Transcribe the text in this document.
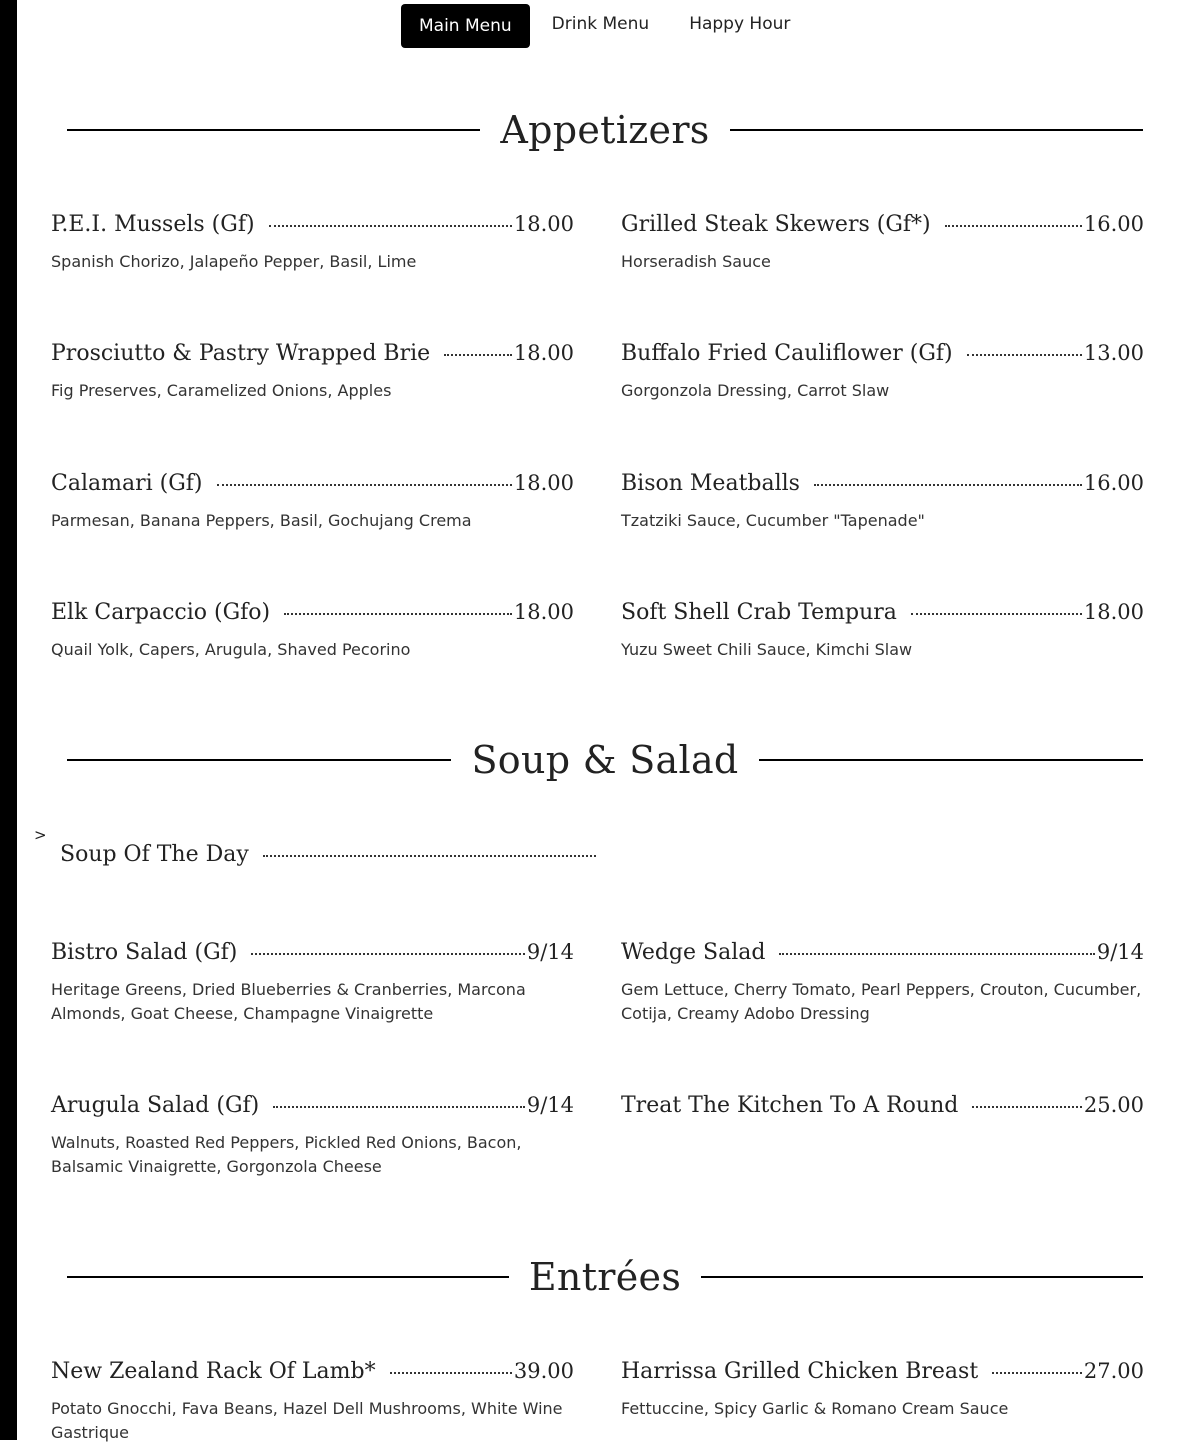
Main Menu	Drink Menu	Happy Hour
Appetizers
P.E.I. Mussels (Gf)	18.00
Spanish Chorizo, Jalapeño Pepper, Basil, Lime
Grilled Steak Skewers (Gf*)	16.00
Horseradish Sauce
Prosciutto & Pastry Wrapped Brie	18.00
Fig Preserves, Caramelized Onions, Apples
Buffalo Fried Cauliflower (Gf)	13.00
Gorgonzola Dressing, Carrot Slaw
Calamari (Gf)	18.00
Parmesan, Banana Peppers, Basil, Gochujang Crema
Bison Meatballs	16.00
Tzatziki Sauce, Cucumber "Tapenade"
Elk Carpaccio (Gfo)	18.00
Quail Yolk, Capers, Arugula, Shaved Pecorino
Soft Shell Crab Tempura	18.00
Yuzu Sweet Chili Sauce, Kimchi Slaw
Soup & Salad
>
Soup Of The Day
Bistro Salad (Gf)	9/14
Heritage Greens, Dried Blueberries & Cranberries, Marcona Almonds, Goat Cheese, Champagne Vinaigrette
Wedge Salad	9/14
Gem Lettuce, Cherry Tomato, Pearl Peppers, Crouton, Cucumber, Cotija, Creamy Adobo Dressing
Arugula Salad (Gf)	9/14
Walnuts, Roasted Red Peppers, Pickled Red Onions, Bacon, Balsamic Vinaigrette, Gorgonzola Cheese
Treat The Kitchen To A Round	25.00
Entrées
New Zealand Rack Of Lamb*	39.00
Potato Gnocchi, Fava Beans, Hazel Dell Mushrooms, White Wine Gastrique
Harrissa Grilled Chicken Breast	27.00
Fettuccine, Spicy Garlic & Romano Cream Sauce
